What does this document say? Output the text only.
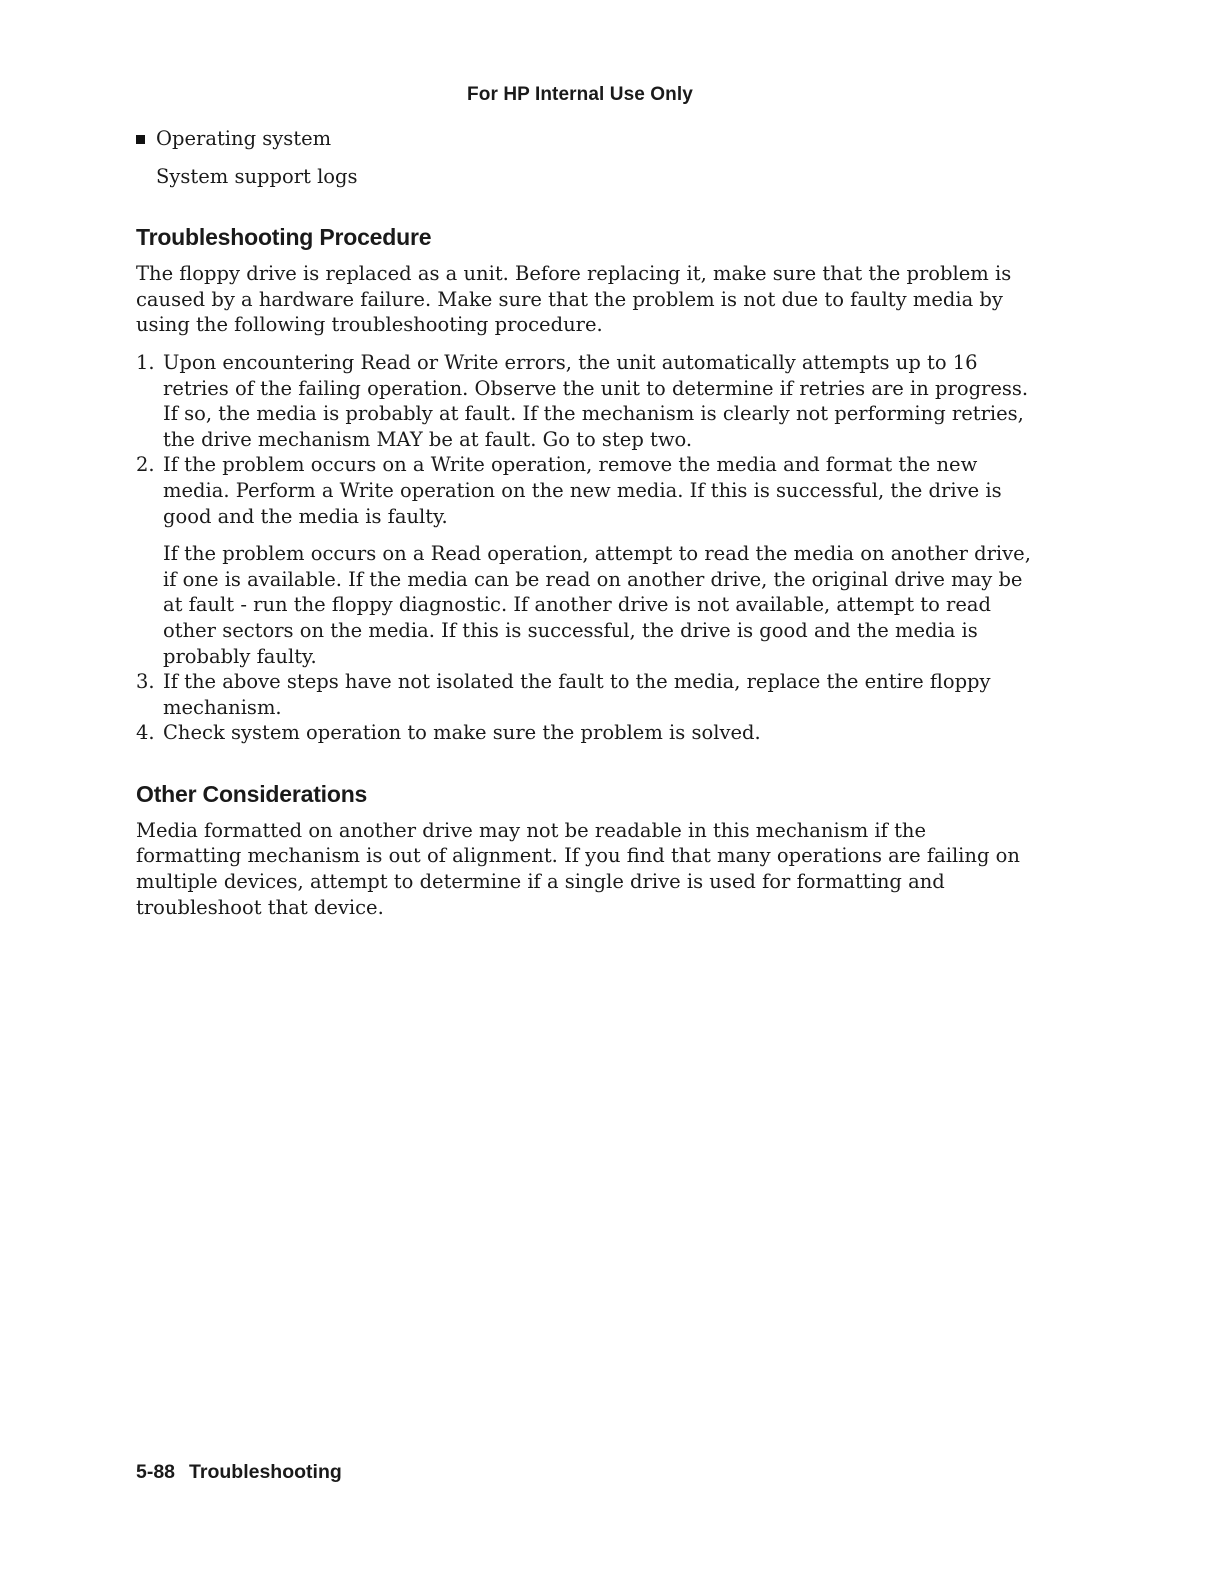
For HP Internal Use Only
Operating system
System support logs
Troubleshooting Procedure

The floppy drive is replaced as a unit. Before replacing it, make sure that the problem is caused by a hardware failure. Make sure that the problem is not due to faulty media by using the following troubleshooting procedure.

1. Upon encountering Read or Write errors, the unit automatically attempts up to 16 retries of the failing operation. Observe the unit to determine if retries are in progress. If so, the media is probably at fault. If the mechanism is clearly not performing retries, the drive mechanism MAY be at fault. Go to step two.
2. If the problem occurs on a Write operation, remove the media and format the new media. Perform a Write operation on the new media. If this is successful, the drive is good and the media is faulty.

If the problem occurs on a Read operation, attempt to read the media on another drive, if one is available. If the media can be read on another drive, the original drive may be at fault - run the floppy diagnostic. If another drive is not available, attempt to read other sectors on the media. If this is successful, the drive is good and the media is probably faulty.

3. If the above steps have not isolated the fault to the media, replace the entire floppy mechanism.
4. Check system operation to make sure the problem is solved.
Other Considerations

Media formatted on another drive may not be readable in this mechanism if the formatting mechanism is out of alignment. If you find that many operations are failing on multiple devices, attempt to determine if a single drive is used for formatting and troubleshoot that device.

5-88 Troubleshooting
